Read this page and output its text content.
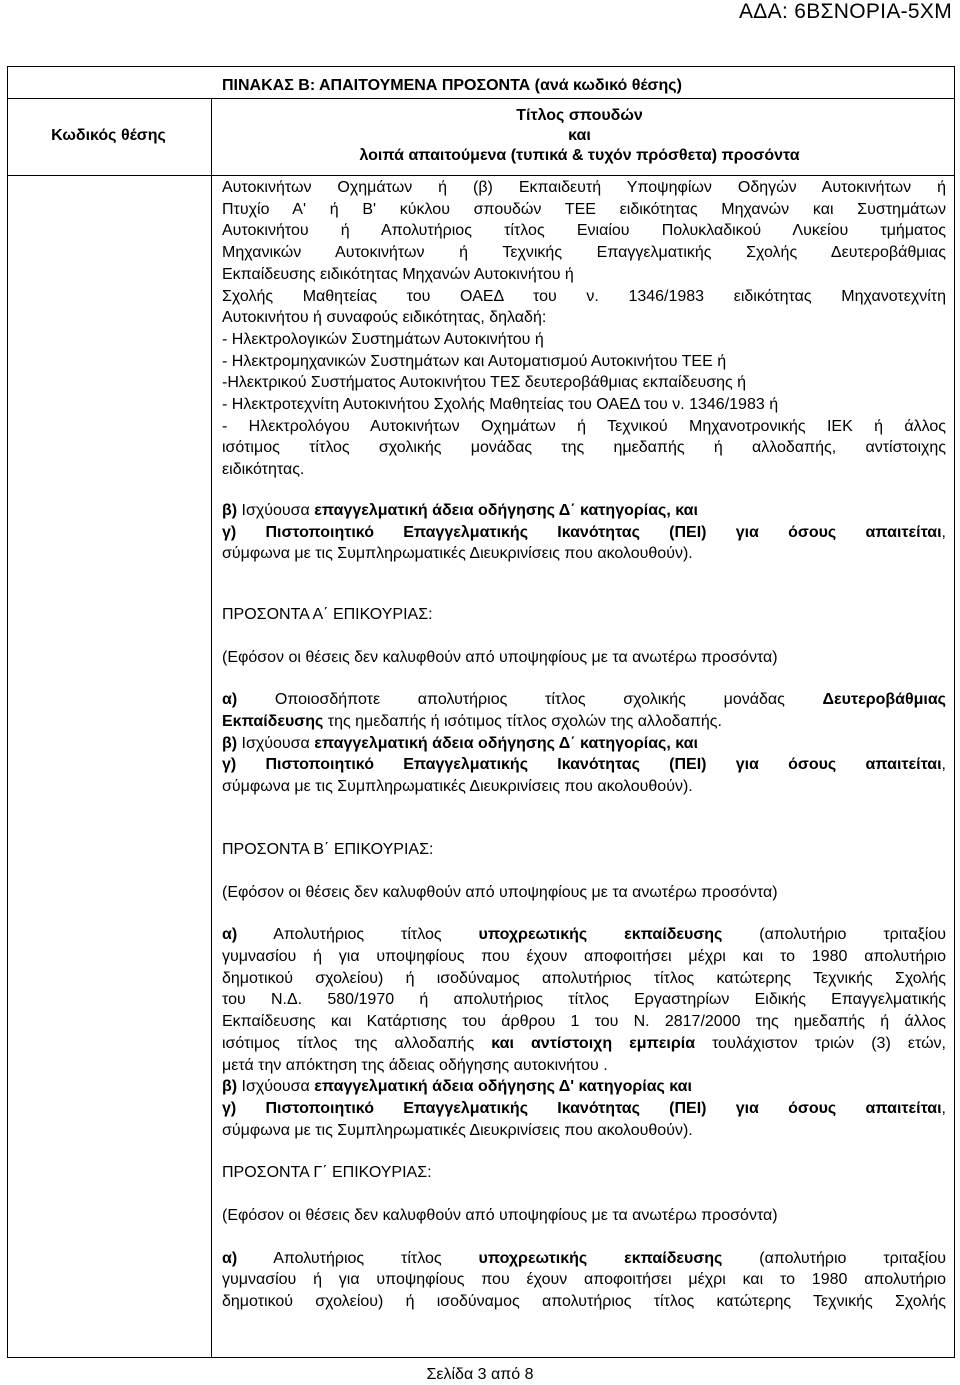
ΑΔΑ: 6ΒΣΝΟΡΙΑ-5ΧΜ
ΠΙΝΑΚΑΣ Β: ΑΠΑΙΤΟΥΜΕΝΑ ΠΡΟΣΟΝΤΑ (ανά κωδικό θέσης)
Κωδικός θέσης
Τίτλος σπουδών
και
λοιπά απαιτούμενα (τυπικά & τυχόν πρόσθετα) προσόντα
Αυτοκινήτων Οχημάτων ή (β) Εκπαιδευτή Υποψηφίων Οδηγών Αυτοκινήτων ή
Πτυχίο Α' ή Β' κύκλου σπουδών ΤΕΕ ειδικότητας Μηχανών και Συστημάτων
Αυτοκινήτου ή Απολυτήριος τίτλος Ενιαίου Πολυκλαδικού Λυκείου τμήματος
Μηχανικών Αυτοκινήτων ή Τεχνικής Επαγγελματικής Σχολής Δευτεροβάθμιας
Εκπαίδευσης ειδικότητας Μηχανών Αυτοκινήτου ή
Σχολής Μαθητείας του ΟΑΕΔ του ν. 1346/1983 ειδικότητας Μηχανοτεχνίτη
Αυτοκινήτου ή συναφούς ειδικότητας, δηλαδή:
- Ηλεκτρολογικών Συστημάτων Αυτοκινήτου ή
- Ηλεκτρομηχανικών Συστημάτων και Αυτοματισμού Αυτοκινήτου ΤΕΕ ή
-Ηλεκτρικού Συστήματος Αυτοκινήτου ΤΕΣ δευτεροβάθμιας εκπαίδευσης ή
- Ηλεκτροτεχνίτη Αυτοκινήτου Σχολής Μαθητείας του ΟΑΕΔ του ν. 1346/1983 ή
- Ηλεκτρολόγου Αυτοκινήτων Οχημάτων ή Τεχνικού Μηχανοτρονικής ΙΕΚ ή άλλος
ισότιμος τίτλος σχολικής μονάδας της ημεδαπής ή αλλοδαπής, αντίστοιχης
ειδικότητας.
β) Ισχύουσα επαγγελματική άδεια οδήγησης Δ΄ κατηγορίας, και
γ) Πιστοποιητικό Επαγγελματικής Ικανότητας (ΠΕΙ) για όσους απαιτείται,
σύμφωνα με τις Συμπληρωματικές Διευκρινίσεις που ακολουθούν).
ΠΡΟΣΟΝΤΑ Α΄ ΕΠΙΚΟΥΡΙΑΣ:
(Εφόσον οι θέσεις δεν καλυφθούν από υποψηφίους με τα ανωτέρω προσόντα)
α) Οποιοσδήποτε απολυτήριος τίτλος σχολικής μονάδας Δευτεροβάθμιας
Εκπαίδευσης της ημεδαπής ή ισότιμος τίτλος σχολών της αλλοδαπής.
β) Ισχύουσα επαγγελματική άδεια οδήγησης Δ΄ κατηγορίας, και
γ) Πιστοποιητικό Επαγγελματικής Ικανότητας (ΠΕΙ) για όσους απαιτείται,
σύμφωνα με τις Συμπληρωματικές Διευκρινίσεις που ακολουθούν).
ΠΡΟΣΟΝΤΑ Β΄ ΕΠΙΚΟΥΡΙΑΣ:
(Εφόσον οι θέσεις δεν καλυφθούν από υποψηφίους με τα ανωτέρω προσόντα)
α) Απολυτήριος τίτλος υποχρεωτικής εκπαίδευσης (απολυτήριο τριταξίου
γυμνασίου ή για υποψηφίους που έχουν αποφοιτήσει μέχρι και το 1980 απολυτήριο
δημοτικού σχολείου) ή ισοδύναμος απολυτήριος τίτλος κατώτερης Τεχνικής Σχολής
του Ν.Δ. 580/1970 ή απολυτήριος τίτλος Εργαστηρίων Ειδικής Επαγγελματικής
Εκπαίδευσης και Κατάρτισης του άρθρου 1 του Ν. 2817/2000 της ημεδαπής ή άλλος
ισότιμος τίτλος της αλλοδαπής και αντίστοιχη εμπειρία τουλάχιστον τριών (3) ετών,
μετά την απόκτηση της άδειας οδήγησης αυτοκινήτου .
β) Ισχύουσα επαγγελματική άδεια οδήγησης Δ' κατηγορίας και
γ) Πιστοποιητικό Επαγγελματικής Ικανότητας (ΠΕΙ) για όσους απαιτείται,
σύμφωνα με τις Συμπληρωματικές Διευκρινίσεις που ακολουθούν).
ΠΡΟΣΟΝΤΑ Γ΄ ΕΠΙΚΟΥΡΙΑΣ:
(Εφόσον οι θέσεις δεν καλυφθούν από υποψηφίους με τα ανωτέρω προσόντα)
α) Απολυτήριος τίτλος υποχρεωτικής εκπαίδευσης (απολυτήριο τριταξίου
γυμνασίου ή για υποψηφίους που έχουν αποφοιτήσει μέχρι και το 1980 απολυτήριο
δημοτικού σχολείου) ή ισοδύναμος απολυτήριος τίτλος κατώτερης Τεχνικής Σχολής
Σελίδα 3 από 8
